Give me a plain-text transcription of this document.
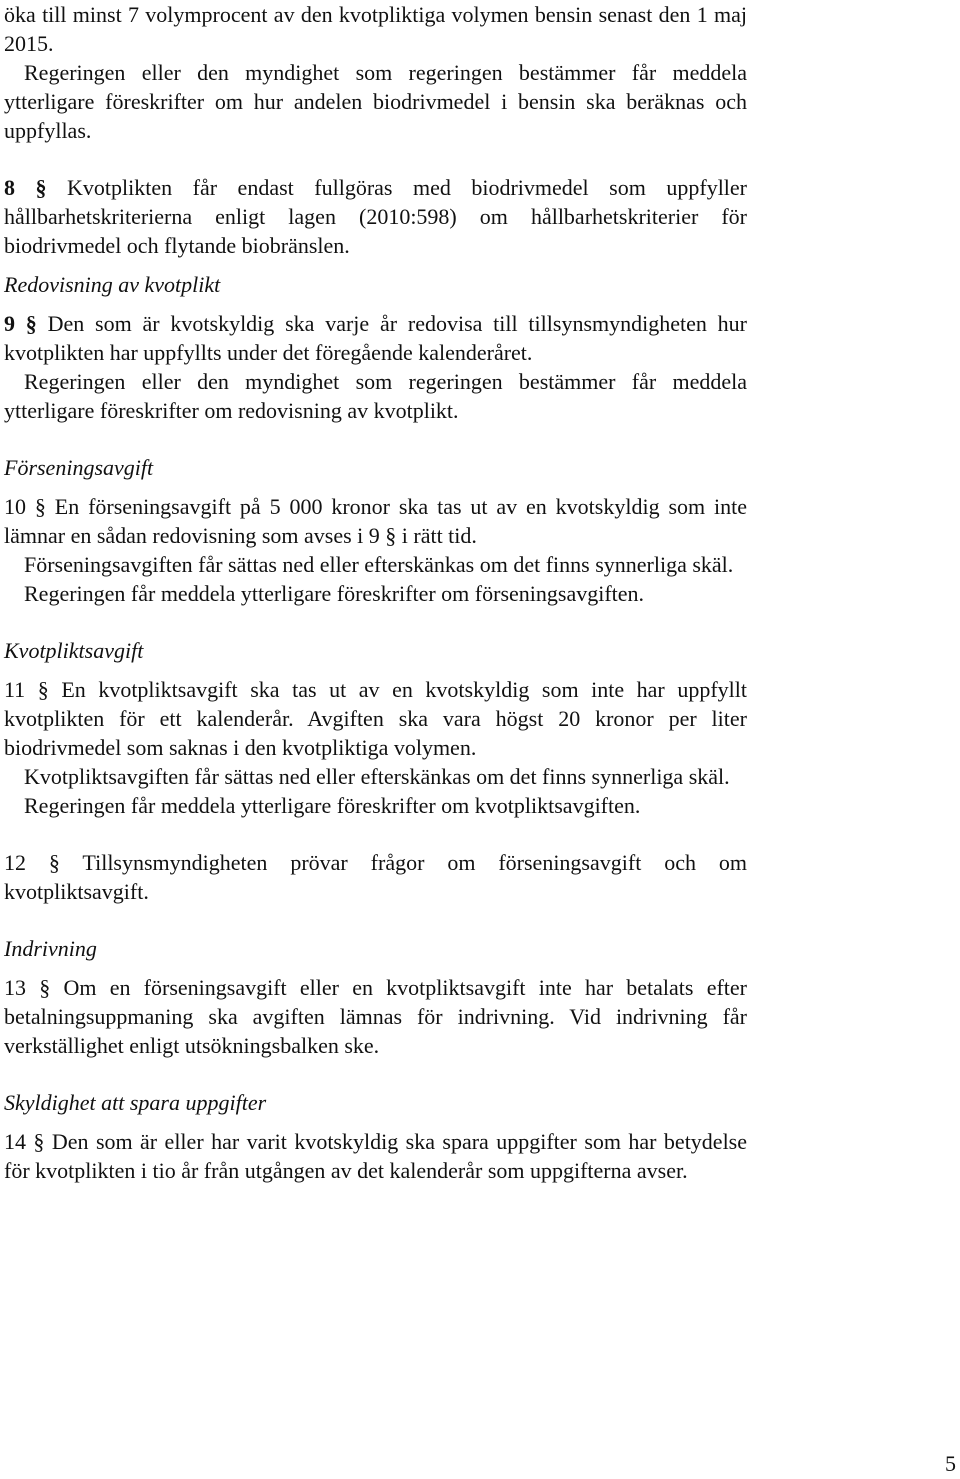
öka till minst 7 volymprocent av den kvotpliktiga volymen bensin senast den 1 maj 2015.

Regeringen eller den myndighet som regeringen bestämmer får meddela ytterligare föreskrifter om hur andelen biodrivmedel i bensin ska beräknas och uppfyllas.

8 § Kvotplikten får endast fullgöras med biodrivmedel som uppfyller hållbarhetskriterierna enligt lagen (2010:598) om hållbarhetskriterier för biodrivmedel och flytande biobränslen.

Redovisning av kvotplikt

9 § Den som är kvotskyldig ska varje år redovisa till tillsynsmyndigheten hur kvotplikten har uppfyllts under det föregående kalenderåret.

Regeringen eller den myndighet som regeringen bestämmer får meddela ytterligare föreskrifter om redovisning av kvotplikt.

Förseningsavgift

10 § En förseningsavgift på 5 000 kronor ska tas ut av en kvotskyldig som inte lämnar en sådan redovisning som avses i 9 § i rätt tid.

Förseningsavgiften får sättas ned eller efterskänkas om det finns synnerliga skäl.

Regeringen får meddela ytterligare föreskrifter om förseningsavgiften.

Kvotpliktsavgift

11 § En kvotpliktsavgift ska tas ut av en kvotskyldig som inte har uppfyllt kvotplikten för ett kalenderår. Avgiften ska vara högst 20 kronor per liter biodrivmedel som saknas i den kvotpliktiga volymen.

Kvotpliktsavgiften får sättas ned eller efterskänkas om det finns synnerliga skäl.

Regeringen får meddela ytterligare föreskrifter om kvotpliktsavgiften.

12 § Tillsynsmyndigheten prövar frågor om förseningsavgift och om kvotpliktsavgift.

Indrivning

13 § Om en förseningsavgift eller en kvotpliktsavgift inte har betalats efter betalningsuppmaning ska avgiften lämnas för indrivning. Vid indrivning får verkställighet enligt utsökningsbalken ske.

Skyldighet att spara uppgifter

14 § Den som är eller har varit kvotskyldig ska spara uppgifter som har betydelse för kvotplikten i tio år från utgången av det kalenderår som uppgifterna avser.

5
